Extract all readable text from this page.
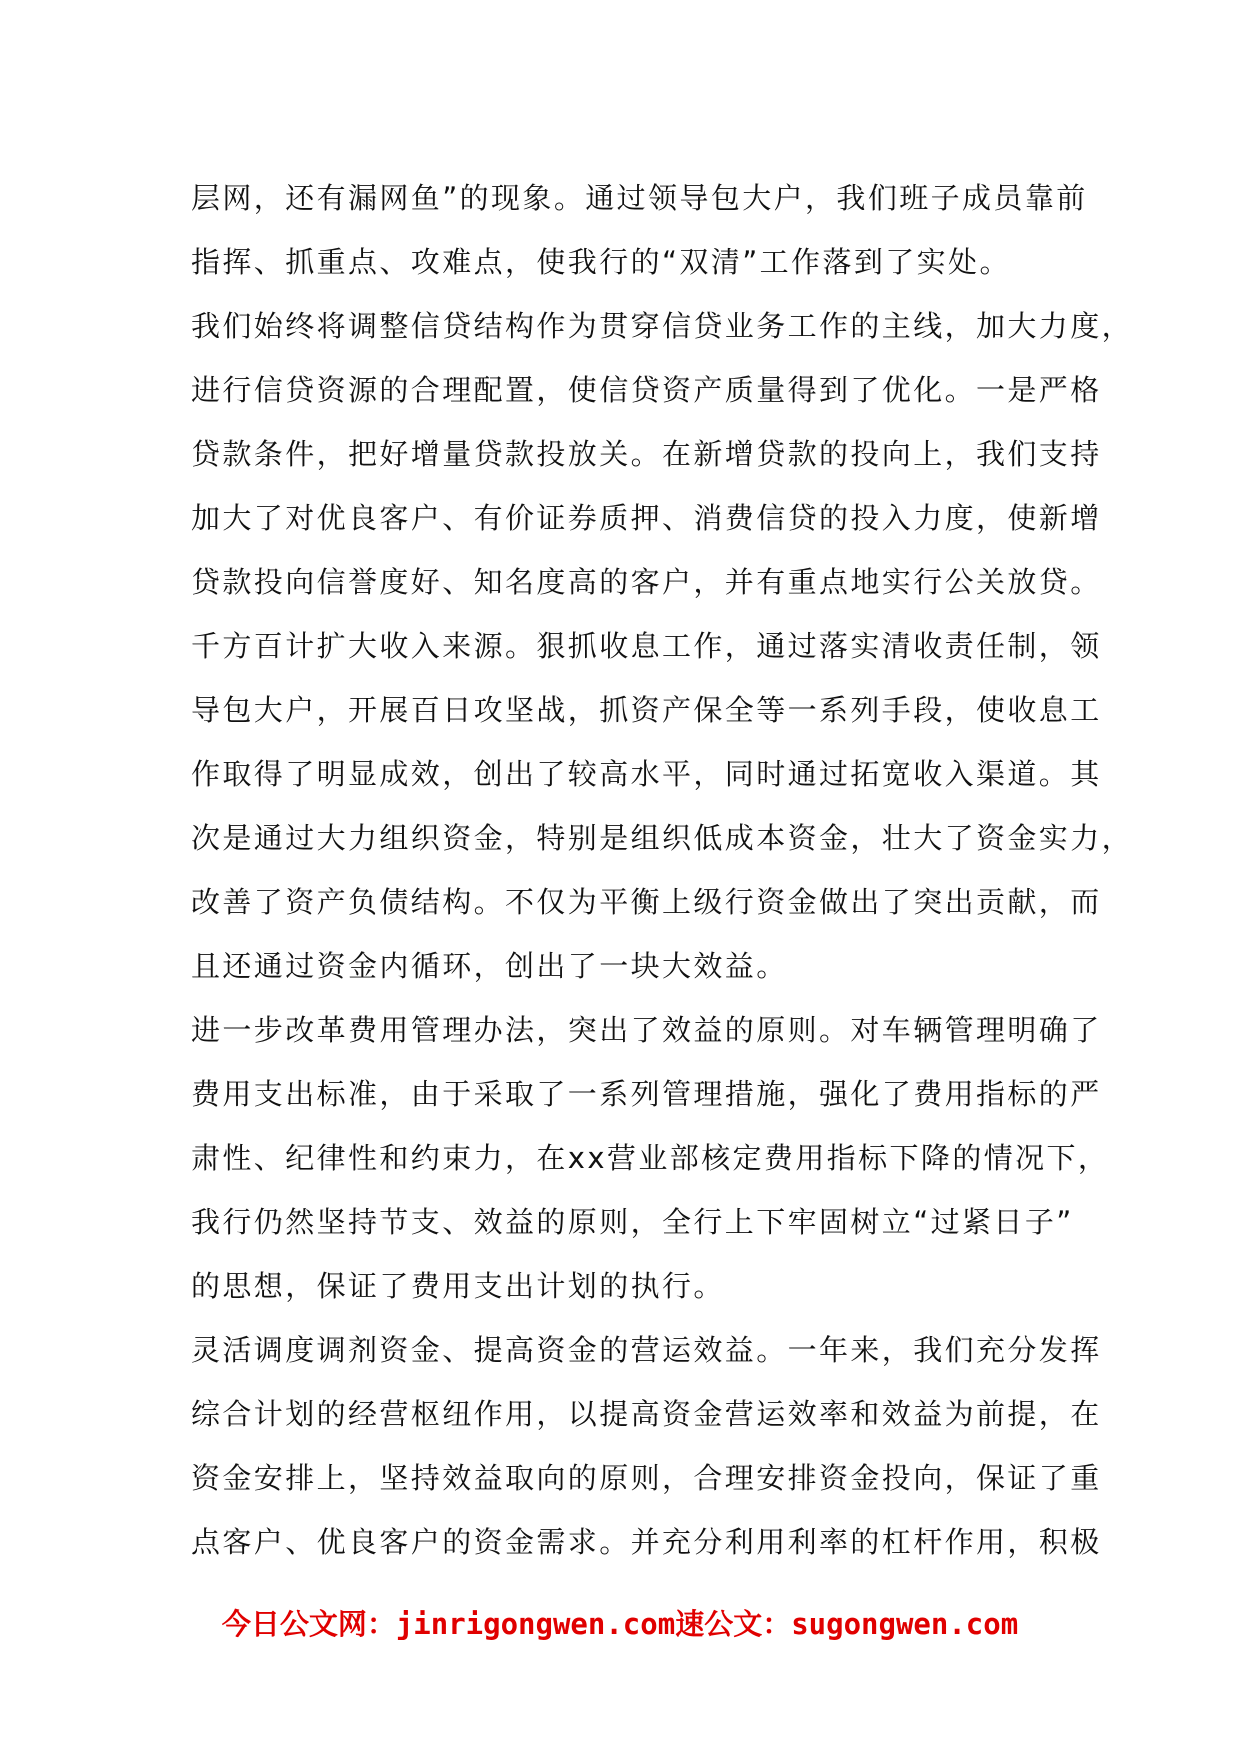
层网，还有漏网鱼”的现象。通过领导包大户，我们班子成员靠前
指挥、抓重点、攻难点，使我行的“双清”工作落到了实处。
我们始终将调整信贷结构作为贯穿信贷业务工作的主线，加大力度，
进行信贷资源的合理配置，使信贷资产质量得到了优化。一是严格
贷款条件，把好增量贷款投放关。在新增贷款的投向上，我们支持
加大了对优良客户、有价证券质押、消费信贷的投入力度，使新增
贷款投向信誉度好、知名度高的客户，并有重点地实行公关放贷。
千方百计扩大收入来源。狠抓收息工作，通过落实清收责任制，领
导包大户，开展百日攻坚战，抓资产保全等一系列手段，使收息工
作取得了明显成效，创出了较高水平，同时通过拓宽收入渠道。其
次是通过大力组织资金，特别是组织低成本资金，壮大了资金实力，
改善了资产负债结构。不仅为平衡上级行资金做出了突出贡献，而
且还通过资金内循环，创出了一块大效益。
进一步改革费用管理办法，突出了效益的原则。对车辆管理明确了
费用支出标准，由于采取了一系列管理措施，强化了费用指标的严
肃性、纪律性和约束力，在xx营业部核定费用指标下降的情况下，
我行仍然坚持节支、效益的原则，全行上下牢固树立“过紧日子”
的思想，保证了费用支出计划的执行。
灵活调度调剂资金、提高资金的营运效益。一年来，我们充分发挥
综合计划的经营枢纽作用，以提高资金营运效率和效益为前提，在
资金安排上，坚持效益取向的原则，合理安排资金投向，保证了重
点客户、优良客户的资金需求。并充分利用利率的杠杆作用，积极
今日公文网：jinrigongwen.com速公文：sugongwen.com
